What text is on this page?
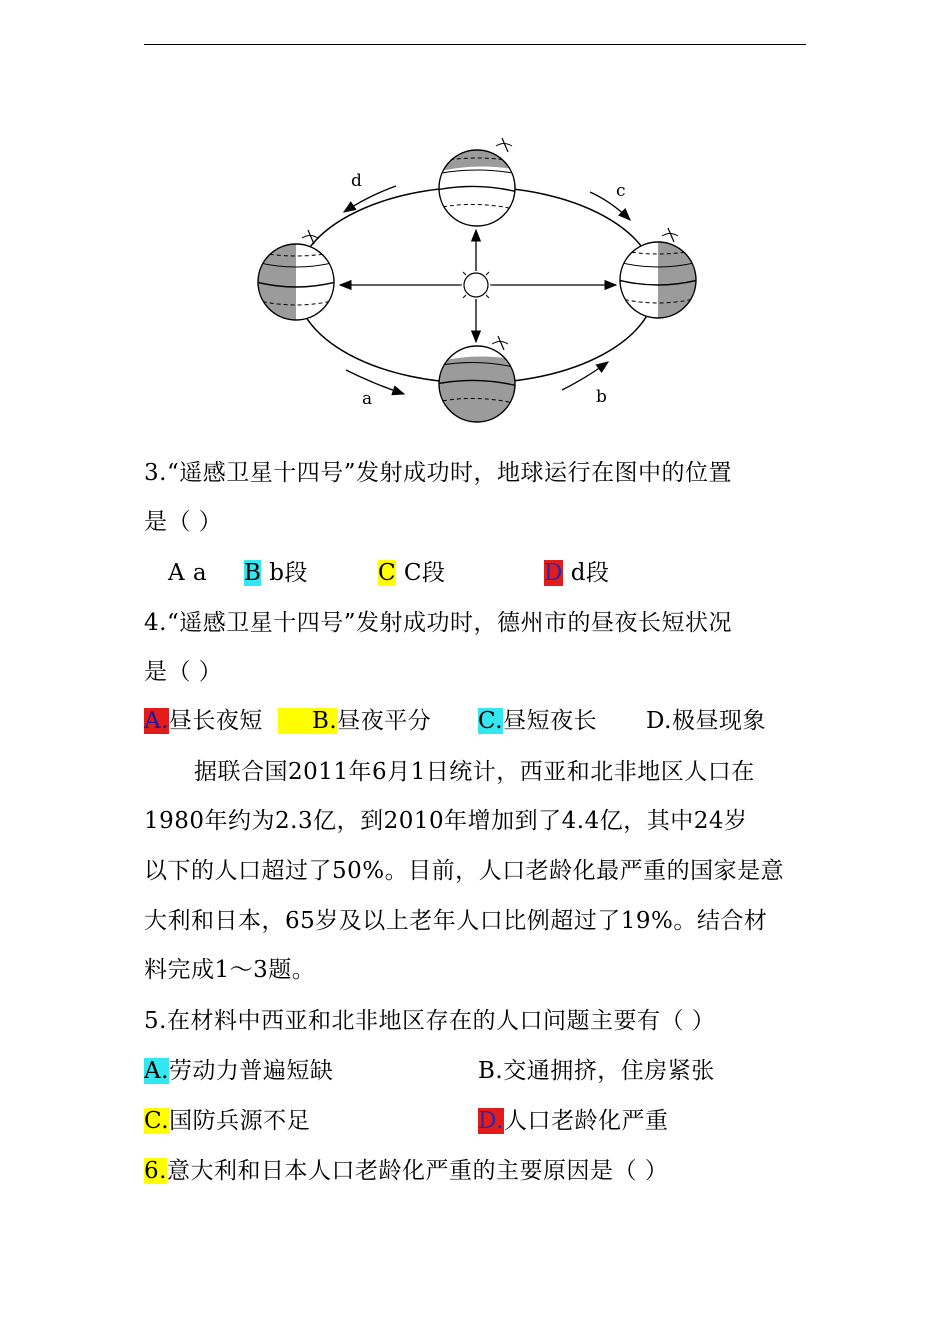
d	c
a	b
3.“遥感卫星十四号”发射成功时，地球运行在图中的位置
是（ ）
A a B b段	C C段	D d段
4.“遥感卫星十四号”发射成功时，德州市的昼夜长短状况
是（ ）
A.昼长夜短	B.昼夜平分 C.昼短夜长 D.极昼现象
据联合国2011年6月1日统计，西亚和北非地区人口在
1980年约为2.3亿，到2010年增加到了4.4亿，其中24岁
以下的人口超过了50%。目前，人口老龄化最严重的国家是意
大利和日本，65岁及以上老年人口比例超过了19%。结合材
料完成1～3题。
5.在材料中西亚和北非地区存在的人口问题主要有（ ）
A.劳动力普遍短缺	B.交通拥挤，住房紧张
C.国防兵源不足	D.人口老龄化严重
6.意大利和日本人口老龄化严重的主要原因是（ ）
